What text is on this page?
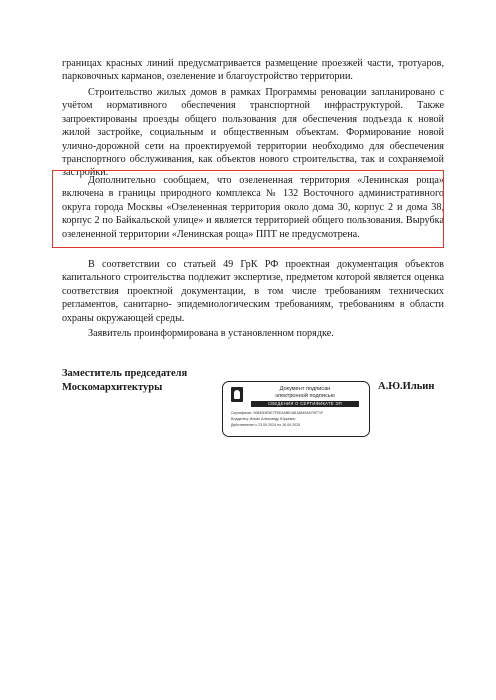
границах красных линий предусматривается размещение проезжей части, тротуаров, парковочных карманов, озеленение и благоустройство территории.

Строительство жилых домов в рамках Программы реновации запланировано с учётом нормативного обеспечения транспортной инфраструктурой. Также запроектированы проезды общего пользования для обеспечения подъезда к новой жилой застройке, социальным и общественным объектам. Формирование новой улично-дорожной сети на проектируемой территории необходимо для обеспечения транспортного обслуживания, как объектов нового строительства, так и сохраняемой застройки.

Дополнительно сообщаем, что озелененная территория «Ленинская роща» включена в границы природного комплекса № 132 Восточного административного округа города Москвы «Озелененная территория около дома 30, корпус 2 и дома 38, корпус 2 по Байкальской улице» и является территорией общего пользования. Вырубка озелененной территории «Ленинская роща» ППТ не предусмотрена.

В соответствии со статьей 49 ГрК РФ проектная документация объектов капитального строительства подлежит экспертизе, предметом которой является оценка соответствия проектной документации, в том числе требованиям технических регламентов, санитарно- эпидемиологическим требованиям, требованиям в области охраны окружающей среды.

Заявитель проинформирована в установленном порядке.

Заместитель председателя
Москомархитектуры	Документ подписан
электронной подписью
СВЕДЕНИЯ О СЕРТИФИКАТЕ ЭП
Сертификат: 00840DE5E7F0D4ABE48118849A970F71F
Владелец: Ильин Александр Юрьевич
Действителен с 23.09.2024 по 16.09.2025

А.Ю.Ильин
